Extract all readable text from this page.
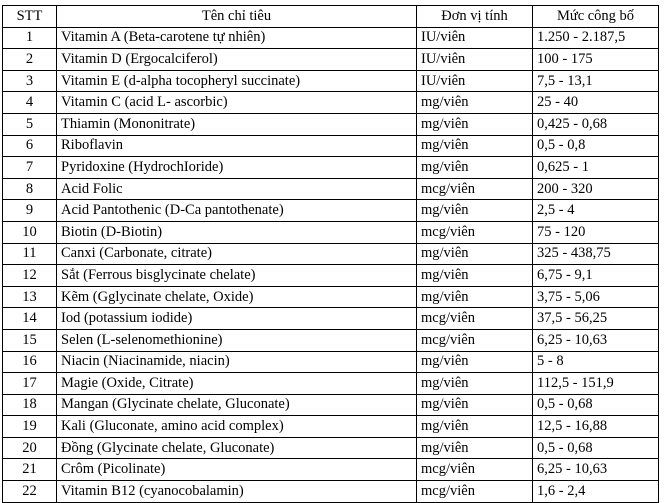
STT	Tên chỉ tiêu	Đơn vị tính	Mức công bố
1	Vitamin A (Beta-carotene tự nhiên)	IU/viên	1.250 - 2.187,5
2	Vitamin D (Ergocalciferol)	IU/viên	100 - 175
3	Vitamin E (d-alpha tocopheryl succinate)	IU/viên	7,5 - 13,1
4	Vitamin C (acid L- ascorbic)	mg/viên	25 - 40
5	Thiamin (Mononitrate)	mg/viên	0,425 - 0,68
6	Riboflavin	mg/viên	0,5 - 0,8
7	Pyridoxine (HydrochIoride)	mg/viên	0,625 - 1
8	Acid Folic	mcg/viên	200 - 320
9	Acid Pantothenic (D-Ca pantothenate)	mg/viên	2,5 - 4
10	Biotin (D-Biotin)	mcg/viên	75 - 120
11	Canxi (Carbonate, citrate)	mg/viên	325 - 438,75
12	Sắt (Ferrous bisglycinate chelate)	mg/viên	6,75 - 9,1
13	Kẽm (Gglycinate chelate, Oxide)	mg/viên	3,75 - 5,06
14	Iod (potassium iodide)	mcg/viên	37,5 - 56,25
15	Selen (L-selenomethionine)	mcg/viên	6,25 - 10,63
16	Niacin (Niacinamide, niacin)	mg/viên	5 - 8
17	Magie (Oxide, Citrate)	mg/viên	112,5 - 151,9
18	Mangan (Glycinate chelate, Gluconate)	mg/viên	0,5 - 0,68
19	Kali (Gluconate, amino acid complex)	mg/viên	12,5 - 16,88
20	Đồng (Glycinate chelate, Gluconate)	mg/viên	0,5 - 0,68
21	Crôm (Picolinate)	mcg/viên	6,25 - 10,63
22	Vitamin B12 (cyanocobalamin)	mcg/viên	1,6 - 2,4
